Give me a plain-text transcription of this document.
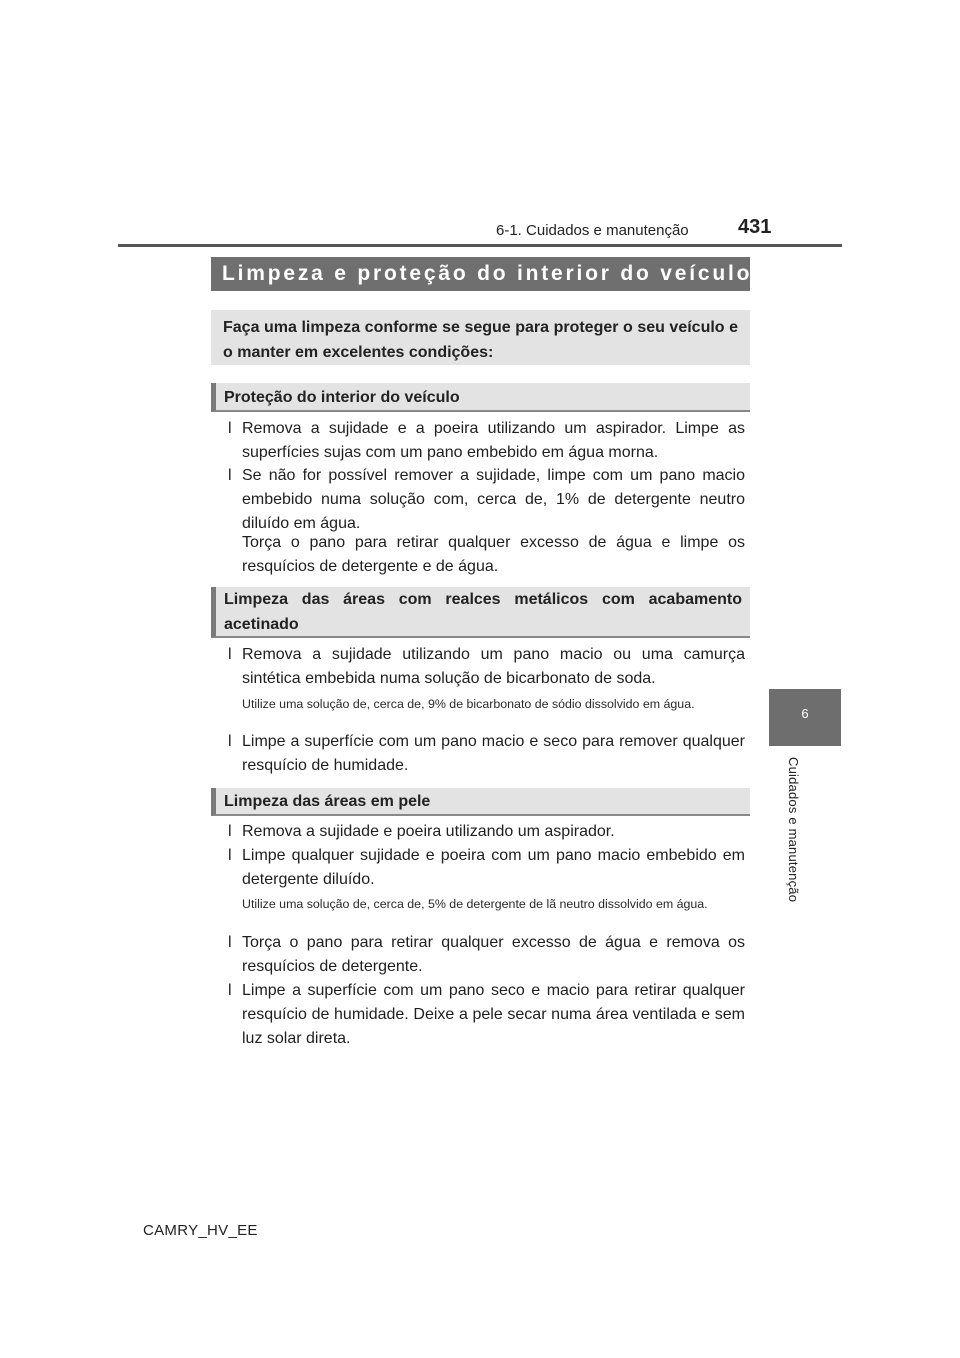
6-1. Cuidados e manutenção 431
6
Cuidados e manutenção
Limpeza e proteção do interior do veículo
Faça uma limpeza conforme se segue para proteger o seu veículo e o manter em excelentes condições:
Proteção do interior do veículo
l Remova a sujidade e a poeira utilizando um aspirador. Limpe as superfícies sujas com um pano embebido em água morna.
l Se não for possível remover a sujidade, limpe com um pano macio embebido numa solução com, cerca de, 1% de detergente neutro diluído em água.
Torça o pano para retirar qualquer excesso de água e limpe os resquícios de detergente e de água.
Limpeza das áreas com realces metálicos com acabamento acetinado
l Remova a sujidade utilizando um pano macio ou uma camurça sintética embebida numa solução de bicarbonato de soda.
Utilize uma solução de, cerca de, 9% de bicarbonato de sódio dissolvido em água.
l Limpe a superfície com um pano macio e seco para remover qualquer resquício de humidade.
Limpeza das áreas em pele
l Remova a sujidade e poeira utilizando um aspirador.
l Limpe qualquer sujidade e poeira com um pano macio embebido em detergente diluído.
Utilize uma solução de, cerca de, 5% de detergente de lã neutro dissolvido em água.
l Torça o pano para retirar qualquer excesso de água e remova os resquícios de detergente.
l Limpe a superfície com um pano seco e macio para retirar qualquer resquício de humidade. Deixe a pele secar numa área ventilada e sem luz solar direta.
CAMRY_HV_EE
